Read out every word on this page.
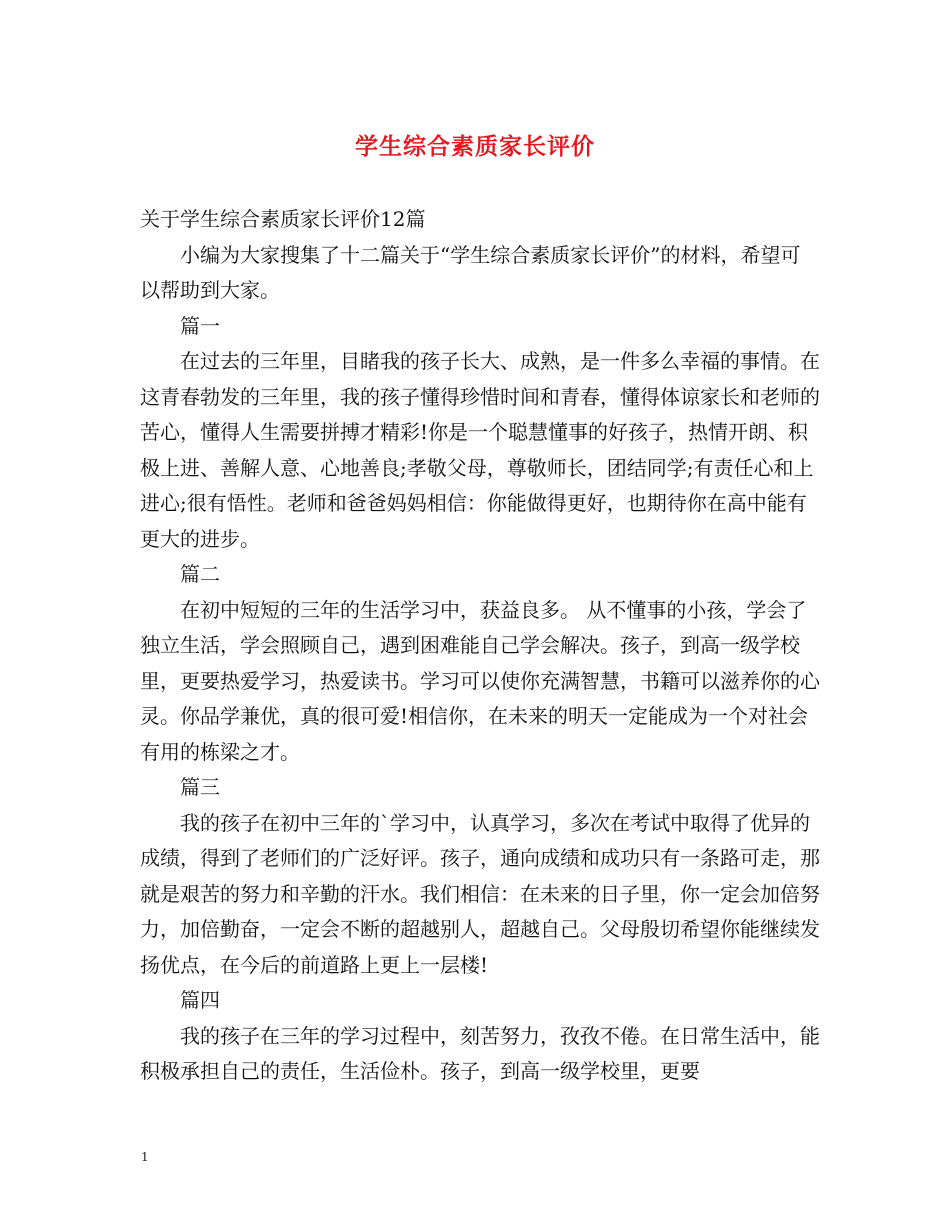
学生综合素质家长评价

关于学生综合素质家长评价12篇

小编为大家搜集了十二篇关于“学生综合素质家长评价”的材料，希望可以帮助到大家。

篇一

在过去的三年里，目睹我的孩子长大、成熟，是一件多么幸福的事情。在这青春勃发的三年里，我的孩子懂得珍惜时间和青春，懂得体谅家长和老师的苦心，懂得人生需要拼搏才精彩!你是一个聪慧懂事的好孩子，热情开朗、积极上进、善解人意、心地善良;孝敬父母，尊敬师长，团结同学;有责任心和上进心;很有悟性。老师和爸爸妈妈相信：你能做得更好，也期待你在高中能有更大的进步。

篇二

在初中短短的三年的生活学习中，获益良多。 从不懂事的小孩，学会了独立生活，学会照顾自己，遇到困难能自己学会解决。孩子，到高一级学校里，更要热爱学习，热爱读书。学习可以使你充满智慧，书籍可以滋养你的心灵。你品学兼优，真的很可爱!相信你，在未来的明天一定能成为一个对社会有用的栋梁之才。

篇三

我的孩子在初中三年的`学习中，认真学习，多次在考试中取得了优异的成绩，得到了老师们的广泛好评。孩子，通向成绩和成功只有一条路可走，那就是艰苦的努力和辛勤的汗水。我们相信：在未来的日子里，你一定会加倍努力，加倍勤奋，一定会不断的超越别人，超越自己。父母殷切希望你能继续发扬优点，在今后的前道路上更上一层楼!

篇四

我的孩子在三年的学习过程中，刻苦努力，孜孜不倦。在日常生活中，能积极承担自己的责任，生活俭朴。孩子，到高一级学校里，更要

1
